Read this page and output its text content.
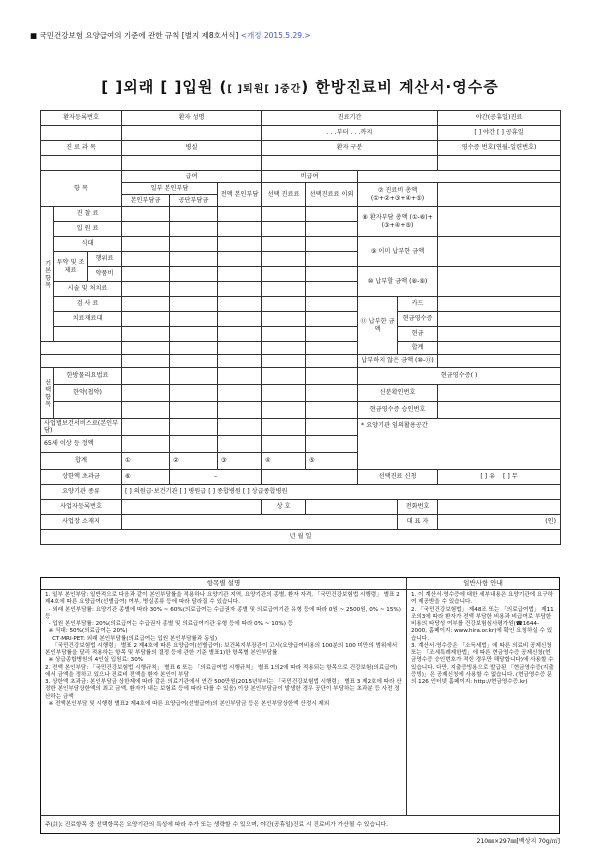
■ 국민건강보험 요양급여의 기준에 관한 규칙 [별지 제8호서식] <개정 2015.5.29.>
[ ]외래 [ ]입원 ([ ]퇴원[ ]중간) 한방진료비 계산서·영수증
환자등록번호			환자 성명			진료기간				야간(공휴일)진료
						. . .부터 . . .까지				[ ] 야간 [ ] 공휴일
진 료 과 목			병실			환자 구분				영수증 번호(연월-일련번호)

항 목			급여			비급여				
			일부 본인부담		전액 본인부담	선택 진료료	선택진료료 이외	⑦ 진료비 총액 (①+②+③+④+⑤)		
			본인부담금	공단부담금						
기본항목	진 찰 료							⑧ 환자부담 총액 (①-⑥)+(③+④+⑤)		
	입 원 료									
	식대							⑨ 이미 납부한 금액		
	투약 및 조제료	행위료								
		약품비						⑩ 납부할 금액 (⑧-⑨)		
	시술 및 처치료									
	검 사 료							⑪ 납부한 금액	카드	
	치료재료대								현금영수증	
									현금	
									합계	
								납부하지 않은 금액 (⑩-⑪)		
선택항목	한방물리요법료							현금영수증( )		
	한약(첩약)							신분확인번호		
								현금영수증 승인번호		
사업별보건서비스료(본인부담)								* 요양기관 임의활용공간		
65세 이상 등 정액										
합계			①	②	③	④	⑤			
상한액 초과금			⑥	–				선택진료 신청		[ ] 유 [ ] 무
요양기관 종류			[ ] 의원급·보건기관 [ ] 병원급 [ ] 종합병원 [ ] 상급종합병원							
사업자등록번호						상 호			전화번호	
사업장 소재지									대 표 자	(인)
년 월 일										
항목별 설명
1. 일부 본인부담: 일반적으로 다음과 같이 본인부담률을 적용하나 요양기관 지역, 요양기관의 종별, 환자 자격, 「국민건강보험법 시행령」 별표 2 제4호에 따른 요양급여(선별급여) 여부, 병실종류 등에 따라 달라질 수 있습니다.
- 외래 본인부담률: 요양기관 종별에 따라 30% ~ 60%(의료급여는 수급권자 종별 및 의료급여기관 유형 등에 따라 0원 ~ 2500원, 0% ~ 15%) 등
- 입원 본인부담률: 20%(의료급여는 수급권자 종별 및 의료급여기관 유형 등에 따라 0% ~ 10%) 등
※ 식대: 50%(의료급여는 20%)
CT·MRI·PET: 외래 본인부담률(의료급여는 입원 본인부담률과 동일)
「국민건강보험법 시행령」 별표 2 제4호에 따른 요양급여(선별급여): 보건복지부장관이 고시(요양급여비용의 100분의 100 미만의 범위에서 본인부담률을 달리 적용하는 항목 및 부담률의 결정 등에 관한 기준 별표1)한 항목별 본인부담률
※ 상급종합병원의 4인실 입원료: 30%
2. 전액 본인부담: 「국민건강보험법 시행규칙」 별표 6 또는 「의료급여법 시행규칙」 별표 1의2에 따라 적용되는 항목으로 건강보험(의료급여)에서 금액을 정하고 있으나 진료비 전액을 환자 본인이 부담
3. 상한액 초과금: 본인부담금 상한제에 따라 같은 의료기관에서 연간 500만원(2015년부터는 「국민건강보험법 시행령」 별표 3 제2호에 따라 산정한 본인부담상한액의 최고 금액, 환자가 내는 보험료 등에 따라 다를 수 있음) 이상 본인부담금이 발생한 경우 공단이 부담하는 초과분 등 사전 정산하는 금액
※ 전액본인부담 및 시행령 별표2 제4호에 따른 요양급여(선별급여)의 본인부담금 등은 본인부담상한액 산정시 제외
일반사항 안내
1. 이 계산서·영수증에 대한 세부내용은 요양기관에 요구하여 제공받을 수 있습니다.
2. 「국민건강보험법」 제48조 또는 「의료급여법」 제11조의3에 따라 환자가 전액 부담한 비용과 비급여로 부담한 비용의 타당성 여부를 건강보험심사평가원(☎1644-2000, 홈페이지: www.hira.or.kr)에 확인 요청하실 수 있습니다.
3. 계산서·영수증은 「소득세법」에 따른 의료비 공제신청 또는 「조세특례제한법」에 따른 현금영수증 공제신청(현금영수증 승인번호가 적힌 경우만 해당합니다)에 사용할 수 있습니다. 다만, 지출증빙용으로 발급된 「현금영수증(지출증빙)」은 공제신청에 사용할 수 없습니다. (현금영수증 문의 126 인터넷 홈페이지: http://현금영수증.kr)
주(註): 진료항목 중 선택항목은 요양기관의 특성에 따라 추가 또는 생략할 수 있으며, 야간(공휴일)진료 시 진료비가 가산될 수 있습니다.
210㎜×297㎜[백상지 70g/㎡]
